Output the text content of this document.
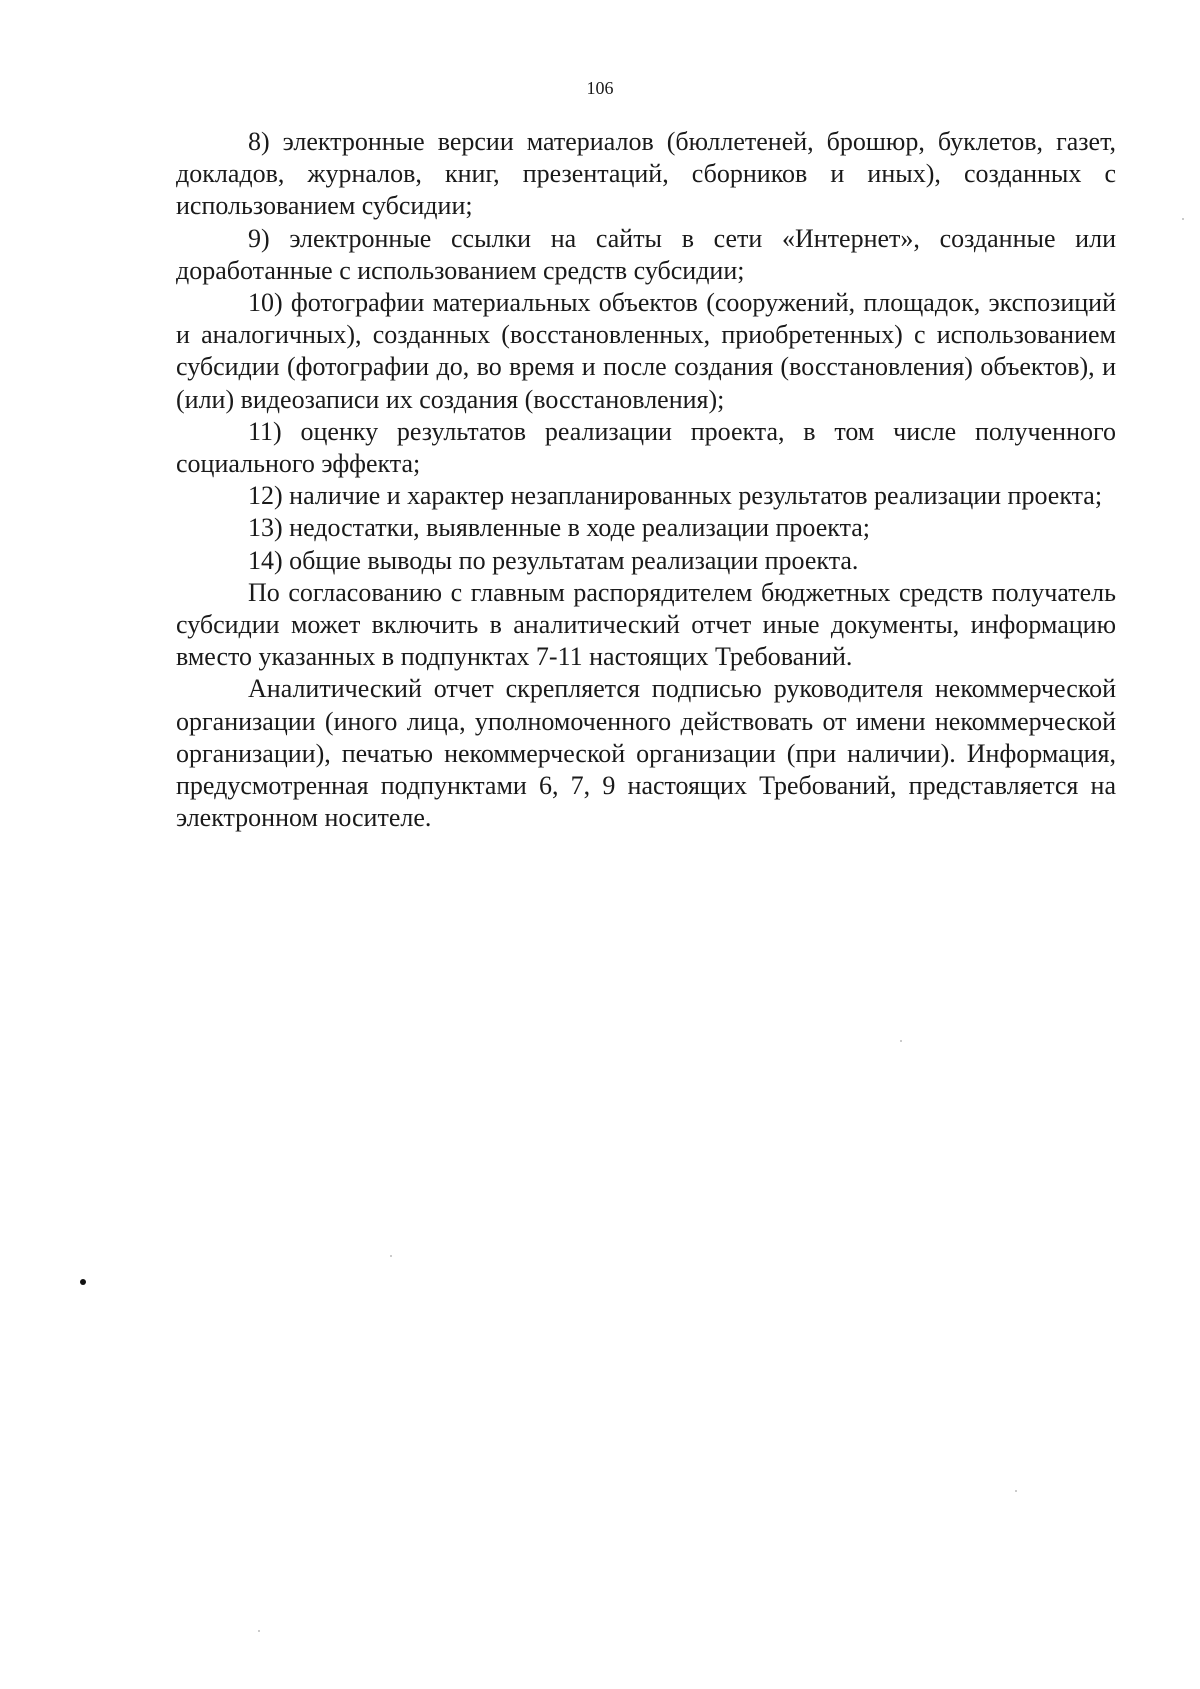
106

8) электронные версии материалов (бюллетеней, брошюр, буклетов, газет, докладов, журналов, книг, презентаций, сборников и иных), созданных с использованием субсидии;

9) электронные ссылки на сайты в сети «Интернет», созданные или доработанные с использованием средств субсидии;

10) фотографии материальных объектов (сооружений, площадок, экспозиций и аналогичных), созданных (восстановленных, приобретенных) с использованием субсидии (фотографии до, во время и после создания (восстановления) объектов), и (или) видеозаписи их создания (восстановления);

11) оценку результатов реализации проекта, в том числе полученного социального эффекта;

12) наличие и характер незапланированных результатов реализации проекта;

13) недостатки, выявленные в ходе реализации проекта;

14) общие выводы по результатам реализации проекта.

По согласованию с главным распорядителем бюджетных средств получатель субсидии может включить в аналитический отчет иные документы, информацию вместо указанных в подпунктах 7-11 настоящих Требований.

Аналитический отчет скрепляется подписью руководителя некоммерческой организации (иного лица, уполномоченного действовать от имени некоммерческой организации), печатью некоммерческой организации (при наличии). Информация, предусмотренная подпунктами 6, 7, 9 настоящих Требований, представляется на электронном носителе.
